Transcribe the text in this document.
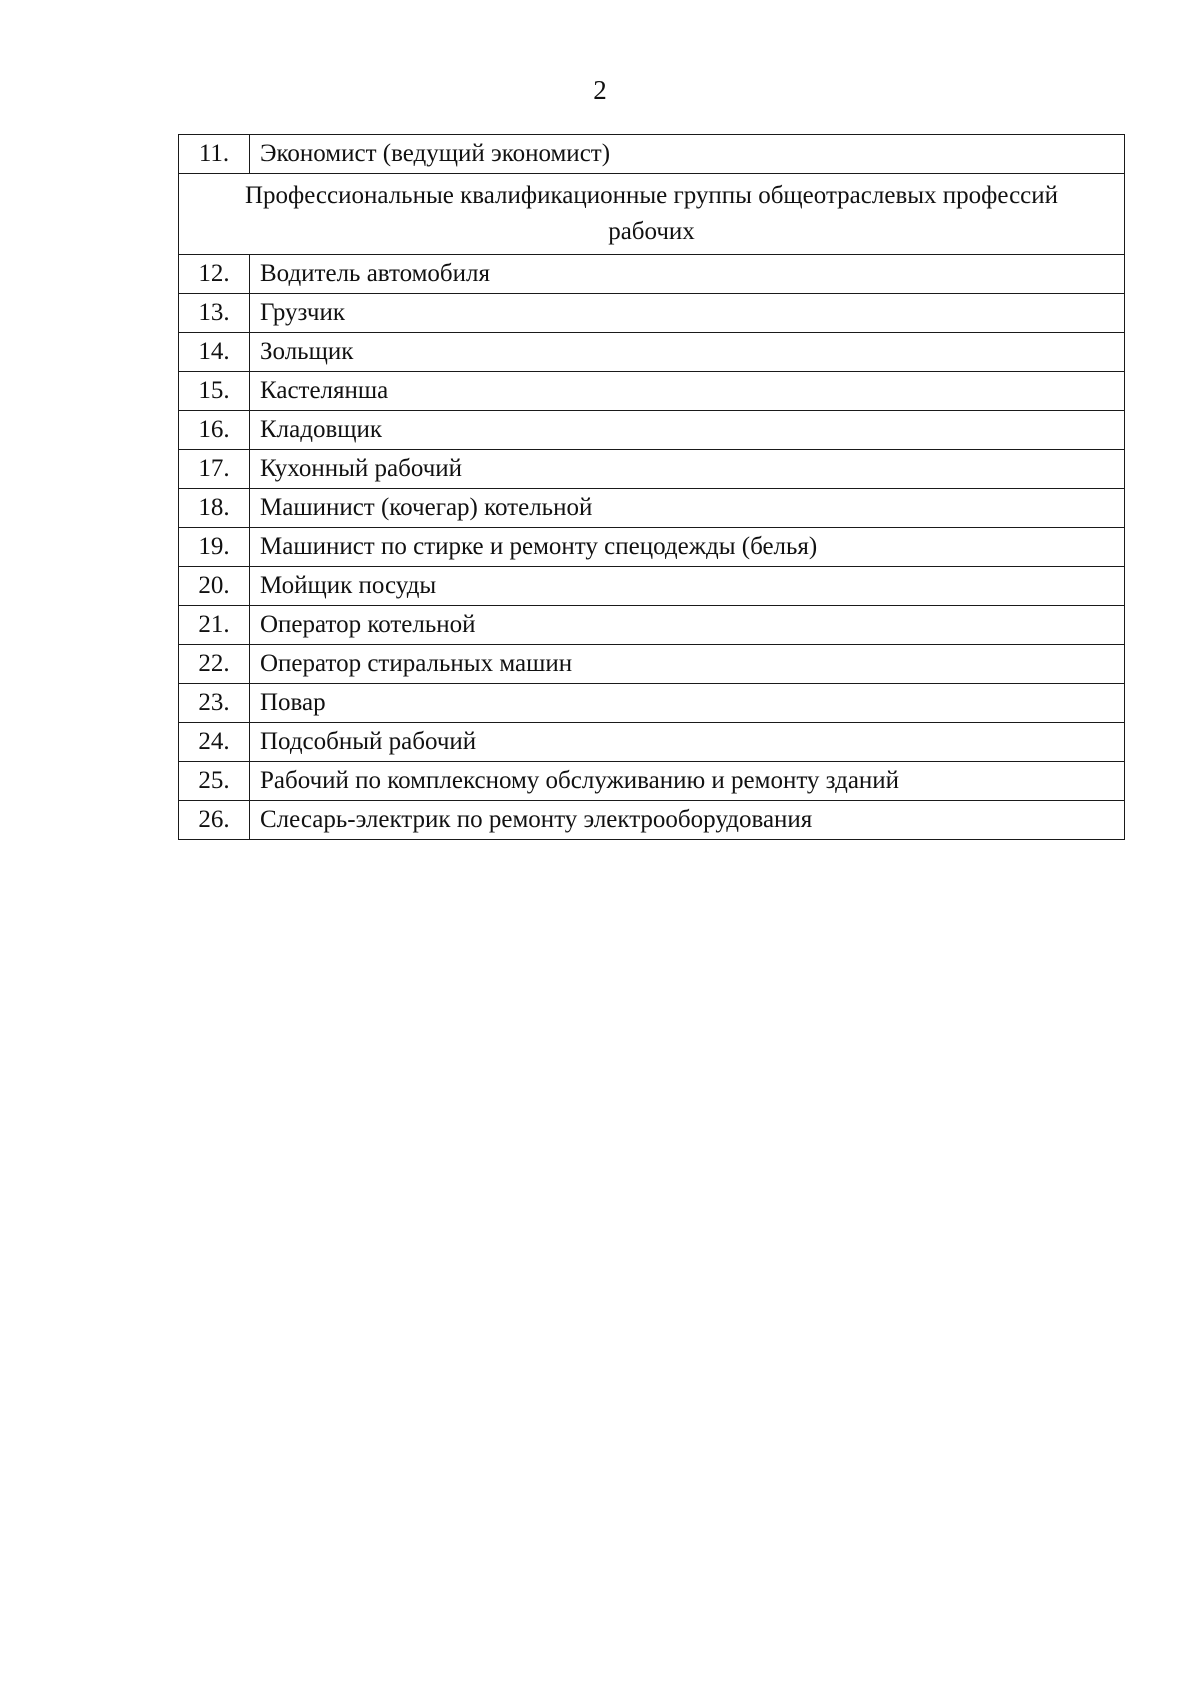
2
11.	Экономист (ведущий экономист)
Профессиональные квалификационные группы общеотраслевых профессий рабочих	
12.	Водитель автомобиля
13.	Грузчик
14.	Зольщик
15.	Кастелянша
16.	Кладовщик
17.	Кухонный рабочий
18.	Машинист (кочегар) котельной
19.	Машинист по стирке и ремонту спецодежды (белья)
20.	Мойщик посуды
21.	Оператор котельной
22.	Оператор стиральных машин
23.	Повар
24.	Подсобный рабочий
25.	Рабочий по комплексному обслуживанию и ремонту зданий
26.	Слесарь-электрик по ремонту электрооборудования
